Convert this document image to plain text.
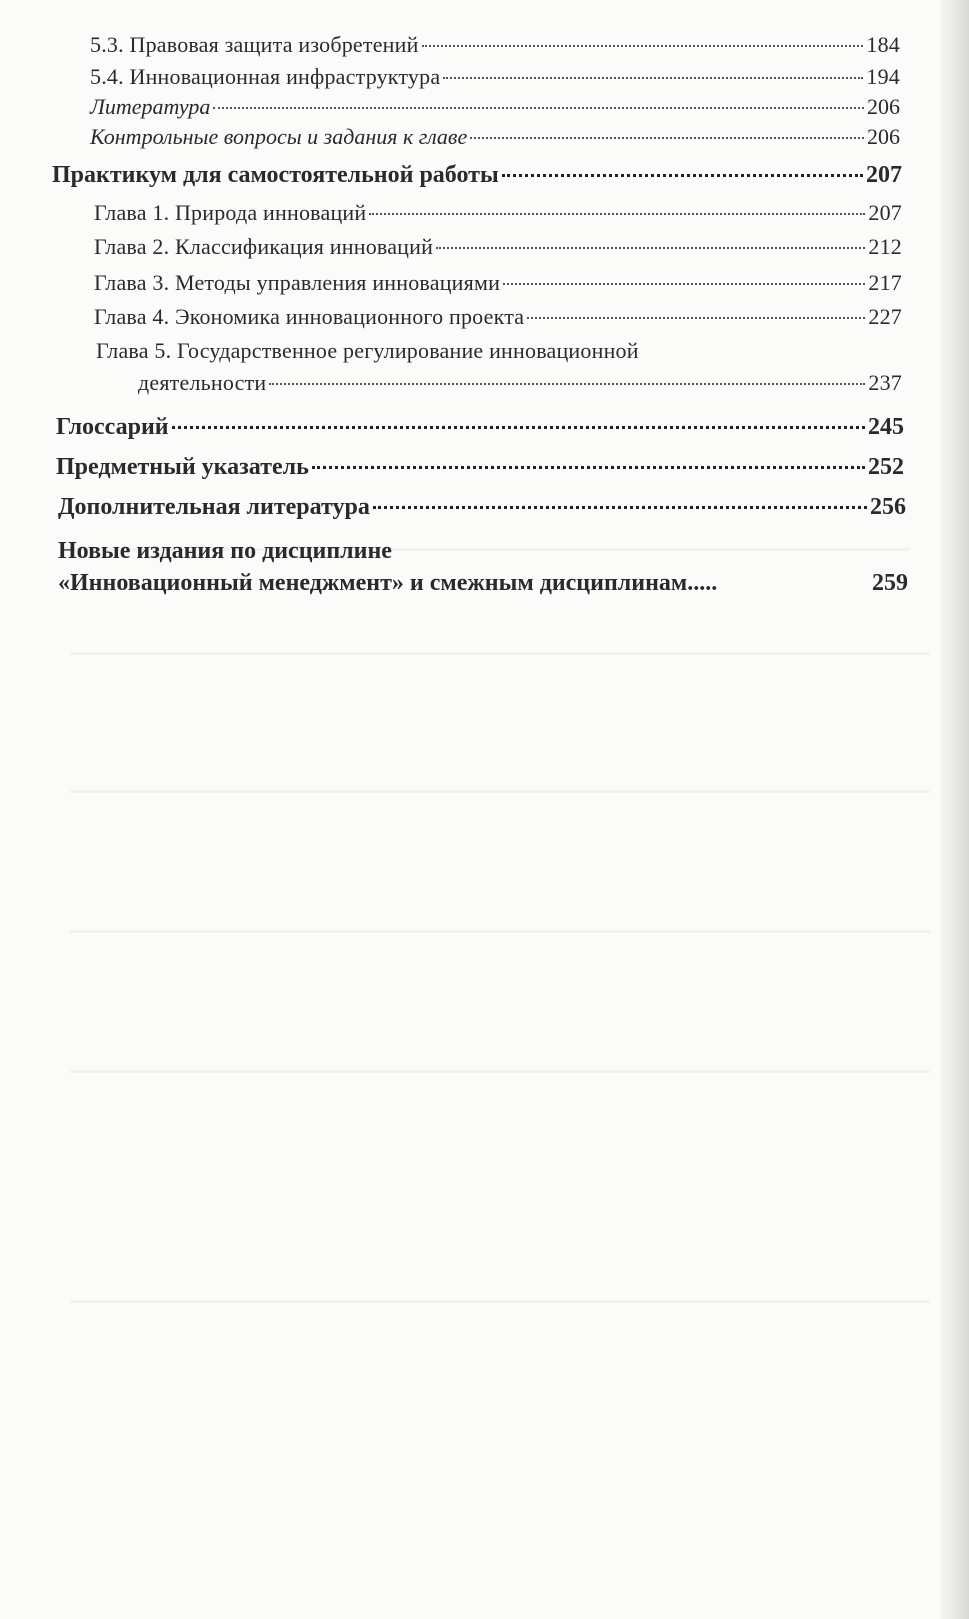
5.3. Правовая защита изобретений	184
5.4. Инновационная инфраструктура	194
Литература	206
Контрольные вопросы и задания к главе	206
Практикум для самостоятельной работы	207
Глава 1. Природа инноваций	207
Глава 2. Классификация инноваций	212
Глава 3. Методы управления инновациями	217
Глава 4. Экономика инновационного проекта	227
Глава 5. Государственное регулирование инновационной
деятельности	237
Глоссарий	245
Предметный указатель	252
Дополнительная литература	256
Новые издания по дисциплине
«Инновационный менеджмент» и смежным дисциплинам.....	259
